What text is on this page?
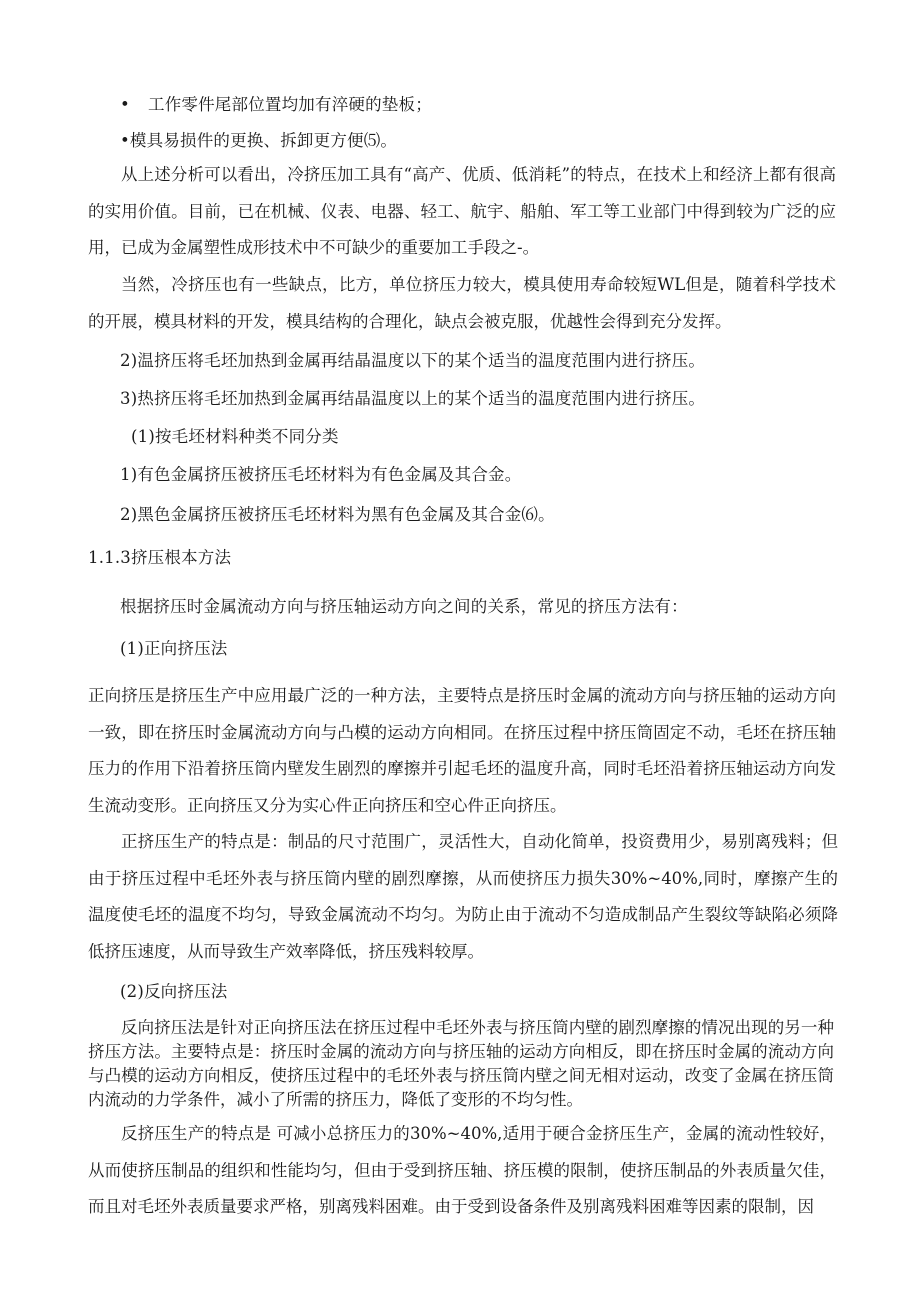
• 工作零件尾部位置均加有淬硬的垫板；
•模具易损件的更换、拆卸更方便⑸。
从上述分析可以看出，冷挤压加工具有“高产、优质、低消耗”的特点，在技术上和经济上都有很高的实用价值。目前，已在机械、仪表、电器、轻工、航宇、船舶、军工等工业部门中得到较为广泛的应用，已成为金属塑性成形技术中不可缺少的重要加工手段之-。
当然，冷挤压也有一些缺点，比方，单位挤压力较大，模具使用寿命较短WL但是，随着科学技术的开展，模具材料的开发，模具结构的合理化，缺点会被克服，优越性会得到充分发挥。
2)温挤压将毛坯加热到金属再结晶温度以下的某个适当的温度范围内进行挤压。
3)热挤压将毛坯加热到金属再结晶温度以上的某个适当的温度范围内进行挤压。
(1)按毛坯材料种类不同分类
1)有色金属挤压被挤压毛坯材料为有色金属及其合金。
2)黑色金属挤压被挤压毛坯材料为黑有色金属及其合金⑹。
1.1.3挤压根本方法
根据挤压时金属流动方向与挤压轴运动方向之间的关系，常见的挤压方法有：
(1)正向挤压法
正向挤压是挤压生产中应用最广泛的一种方法，主要特点是挤压时金属的流动方向与挤压轴的运动方向一致，即在挤压时金属流动方向与凸模的运动方向相同。在挤压过程中挤压筒固定不动，毛坯在挤压轴压力的作用下沿着挤压筒内壁发生剧烈的摩擦并引起毛坯的温度升高，同时毛坯沿着挤压轴运动方向发生流动变形。正向挤压又分为实心件正向挤压和空心件正向挤压。
正挤压生产的特点是：制品的尺寸范围广，灵活性大，自动化简单，投资费用少，易别离残料；但由于挤压过程中毛坯外表与挤压筒内壁的剧烈摩擦，从而使挤压力损失30%~40%,同时，摩擦产生的温度使毛坯的温度不均匀，导致金属流动不均匀。为防止由于流动不匀造成制品产生裂纹等缺陷必须降低挤压速度，从而导致生产效率降低，挤压残料较厚。
(2)反向挤压法
反向挤压法是针对正向挤压法在挤压过程中毛坯外表与挤压筒内壁的剧烈摩擦的情况出现的另一种挤压方法。主要特点是：挤压时金属的流动方向与挤压轴的运动方向相反，即在挤压时金属的流动方向与凸模的运动方向相反，使挤压过程中的毛坯外表与挤压筒内壁之间无相对运动，改变了金属在挤压筒内流动的力学条件，减小了所需的挤压力，降低了变形的不均匀性。
反挤压生产的特点是 可减小总挤压力的30%~40%,适用于硬合金挤压生产，金属的流动性较好，从而使挤压制品的组织和性能均匀，但由于受到挤压轴、挤压模的限制，使挤压制品的外表质量欠佳，而且对毛坯外表质量要求严格，别离残料困难。由于受到设备条件及别离残料困难等因素的限制，因
